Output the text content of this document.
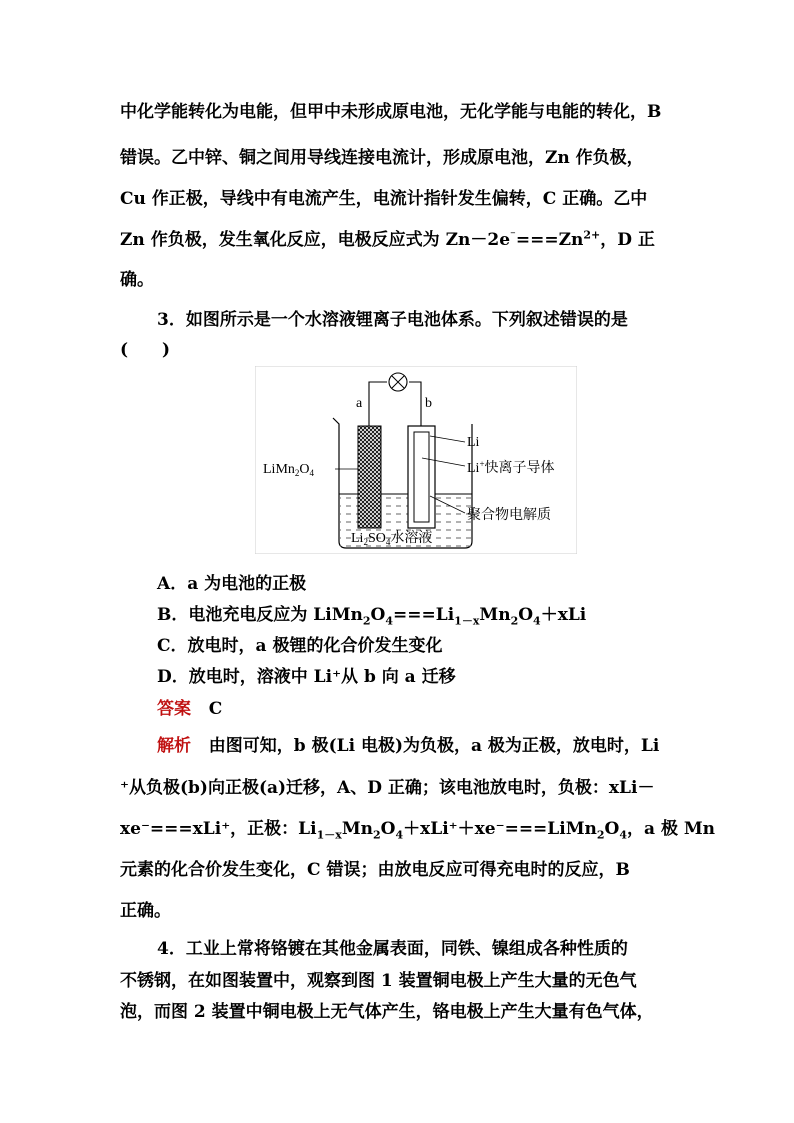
中化学能转化为电能，但甲中未形成原电池，无化学能与电能的转化，B
错误。乙中锌、铜之间用导线连接电流计，形成原电池，Zn 作负极，
Cu 作正极，导线中有电流产生，电流计指针发生偏转，C 正确。乙中
Zn 作负极，发生氧化反应，电极反应式为 $Zn-2e^{^-}===Zn^{2+}$，D 正
确。
3．如图所示是一个水溶液锂离子电池体系。下列叙述错误的是
(　　)
a	b
Li
$LiMn_2O_4$	Li+快离子导体
聚合物电解质
$Li_2SO_4$水溶液
A．a 为电池的正极
B．电池充电反应为 $LiMn_2O_4===Li_{1-x}Mn_2O_4+xLi$
C．放电时，a 极锂的化合价发生变化
D．放电时，溶液中 Li⁺从 b 向 a 迁移
答案 C
解析 由图可知，b 极(Li 电极)为负极，a 极为正极，放电时，Li
⁺从负极(b)向正极(a)迁移，A、D 正确；该电池放电时，负极：xLi－
xe⁻===xLi⁺，正极：$Li_{1-x}Mn_2O_4+xLi^++xe^-===LiMn_2O_4$，a 极 Mn
元素的化合价发生变化，C 错误；由放电反应可得充电时的反应，B
正确。
4．工业上常将铬镀在其他金属表面，同铁、镍组成各种性质的
不锈钢，在如图装置中，观察到图 1 装置铜电极上产生大量的无色气
泡，而图 2 装置中铜电极上无气体产生，铬电极上产生大量有色气体，
